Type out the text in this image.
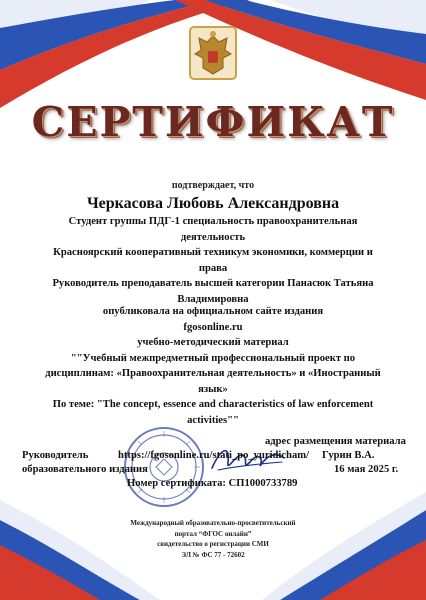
СЕРТИФИКАТ
подтверждает, что
Черкасова Любовь Александровна
Студент группы ПДГ-1 специальность правоохранительная
деятельность
Красноярский кооперативный техникум экономики, коммерции и права
Руководитель преподаватель высшей категории Панасюк Татьяна
Владимировна
опубликовала на официальном сайте издания
fgosonline.ru
учебно-методический материал
""Учебный межпредметный профессиональный проект по
дисциплинам: «Правоохранительная деятельность» и «Иностранный
язык»
По теме: "The concept, essence and characteristics of law enforcement
activities""
адрес размещения материала
Руководитель	https://fgosonline.ru/stati_po_yuridicham/ Гурин В.А.
образовательного издания	16 мая 2025 г.
Номер сертификата: СП1000733789
Международный образовательно-просветительский
портал “ФГОС онлайн”
свидетельство о регистрации СМИ
ЭЛ № ФС 77 - 72602
